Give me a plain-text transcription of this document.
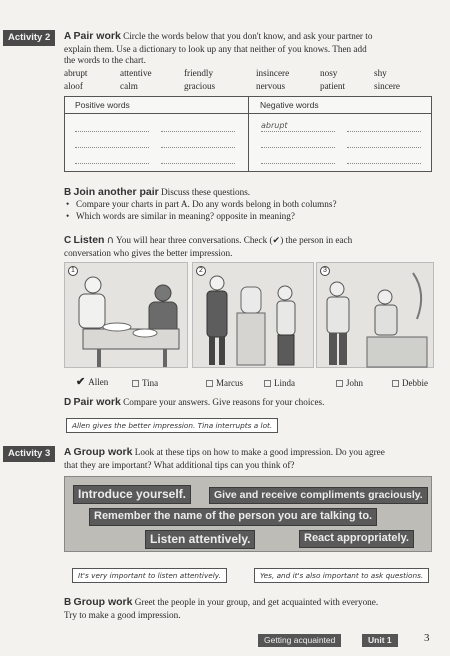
Activity 2	A Pair work Circle the words below that you don't know, and ask your partner to explain them. Use a dictionary to look up any that neither of you knows. Then add the words to the chart.
abrupt	attentive	friendly	insincere	nosy	shy
aloof	calm	gracious	nervous	patient	sincere
Positive words	Negative words
abrupt
B Join another pair Discuss these questions.
• Compare your charts in part A. Do any words belong in both columns?
• Which words are similar in meaning? opposite in meaning?
C Listen ∩ You will hear three conversations. Check (✔) the person in each conversation who gives the better impression.
1	2	3
✔ Allen	Tina	Marcus	Linda	John	Debbie
D Pair work Compare your answers. Give reasons for your choices.
Allen gives the better impression. Tina interrupts a lot.
Activity 3	A Group work Look at these tips on how to make a good impression. Do you agree that they are important? What additional tips can you think of?
Introduce yourself.	Give and receive compliments graciously.
Remember the name of the person you are talking to.
Listen attentively.	React appropriately.
It's very important to listen attentively.	Yes, and it's also important to ask questions.
B Group work Greet the people in your group, and get acquainted with everyone. Try to make a good impression.
Getting acquainted	Unit 1	3
